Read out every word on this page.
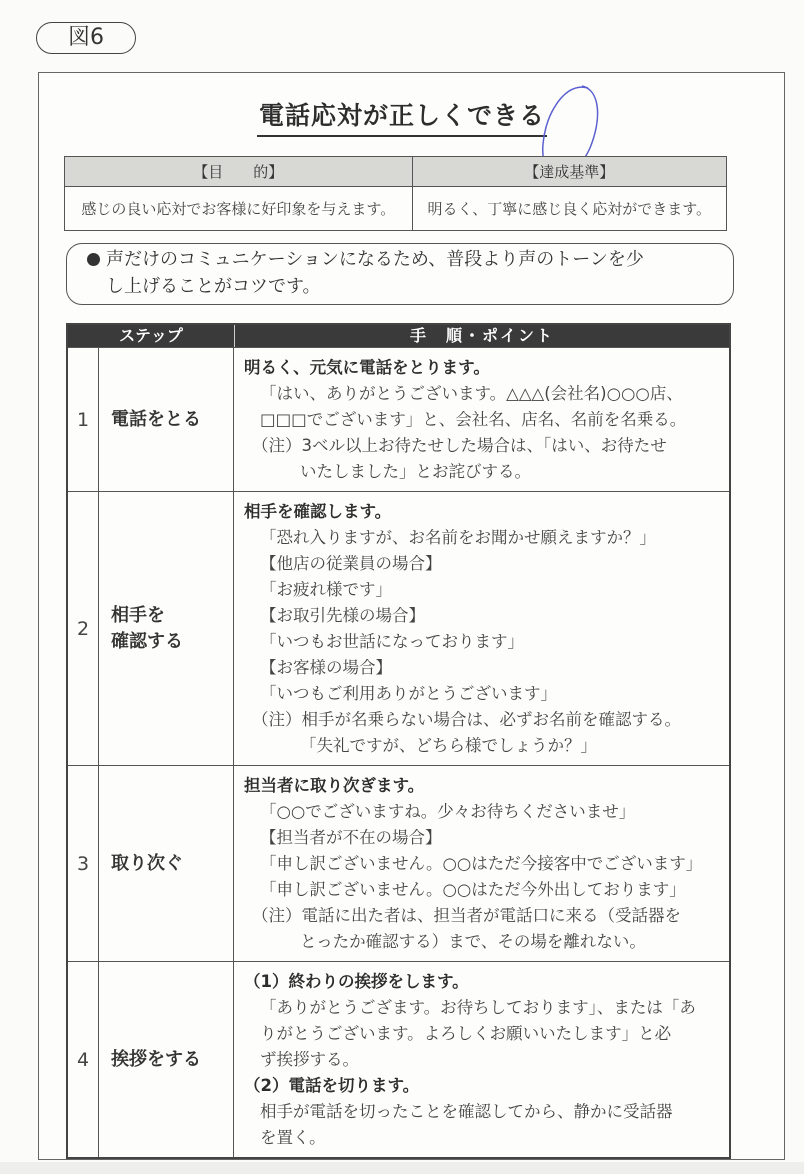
図6
電話応対が正しくできる
【目　　的】	【達成基準】
感じの良い応対でお客様に好印象を与えます。	明るく、丁寧に感じ良く応対ができます。
声だけのコミュニケーションになるため、普段より声のトーンを少
し上げることがコツです。
ステップ	手　順・ポイント
1	電話をとる
明るく、元気に電話をとります。
「はい、ありがとうございます。△△△(会社名)○○○店、
□□□でございます」と、会社名、店名、名前を名乗る。
（注）3ベル以上お待たせした場合は、「はい、お待たせ
いたしました」とお詫びする。
2
相手を
確認する
相手を確認します。
「恐れ入りますが、お名前をお聞かせ願えますか？」
【他店の従業員の場合】
「お疲れ様です」
【お取引先様の場合】
「いつもお世話になっております」
【お客様の場合】
「いつもご利用ありがとうございます」
（注）相手が名乗らない場合は、必ずお名前を確認する。
「失礼ですが、どちら様でしょうか？」
3	取り次ぐ
担当者に取り次ぎます。
「○○でございますね。少々お待ちくださいませ」
【担当者が不在の場合】
「申し訳ございません。○○はただ今接客中でございます」
「申し訳ございません。○○はただ今外出しております」
（注）電話に出た者は、担当者が電話口に来る（受話器を
とったか確認する）まで、その場を離れない。
4	挨拶をする
（1）終わりの挨拶をします。
「ありがとうござます。お待ちしております」、または「あ
りがとうございます。よろしくお願いいたします」と必
ず挨拶する。
（2）電話を切ります。
相手が電話を切ったことを確認してから、静かに受話器
を置く。
